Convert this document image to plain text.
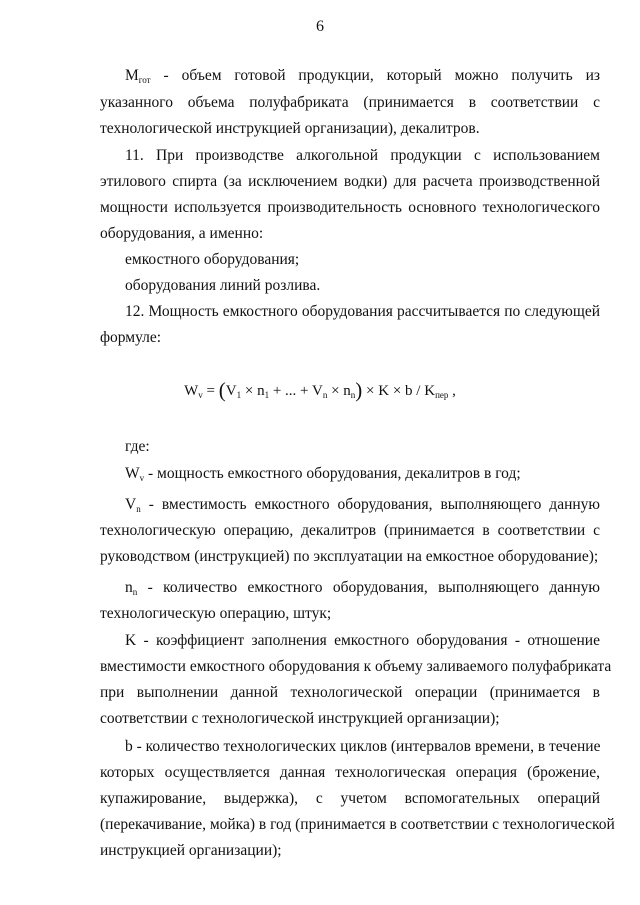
6
$M_{гот}$ - объем готовой продукции, который можно получить из
указанного объема полуфабриката (принимается в соответствии с
технологической инструкцией организации), декалитров.
11. При производстве алкогольной продукции с использованием
этилового спирта (за исключением водки) для расчета производственной
мощности используется производительность основного технологического
оборудования, а именно:
емкостного оборудования;
оборудования линий розлива.
12. Мощность емкостного оборудования рассчитывается по следующей
формуле:
$W_v = (V_1 \times n_1$ + ... + $V_n \times n_n) \times K \times b / K_{пер}$ ,
где:
$W_v$ - мощность емкостного оборудования, декалитров в год;
$V_n$ - вместимость емкостного оборудования, выполняющего данную
технологическую операцию, декалитров (принимается в соответствии с
руководством (инструкцией) по эксплуатации на емкостное оборудование);
$n_n$ - количество емкостного оборудования, выполняющего данную
технологическую операцию, штук;
K - коэффициент заполнения емкостного оборудования - отношение
вместимости емкостного оборудования к объему заливаемого полуфабриката
при выполнении данной технологической операции (принимается в
соответствии с технологической инструкцией организации);
b - количество технологических циклов (интервалов времени, в течение
которых осуществляется данная технологическая операция (брожение,
купажирование, выдержка), с учетом вспомогательных операций
(перекачивание, мойка) в год (принимается в соответствии с технологической
инструкцией организации);
